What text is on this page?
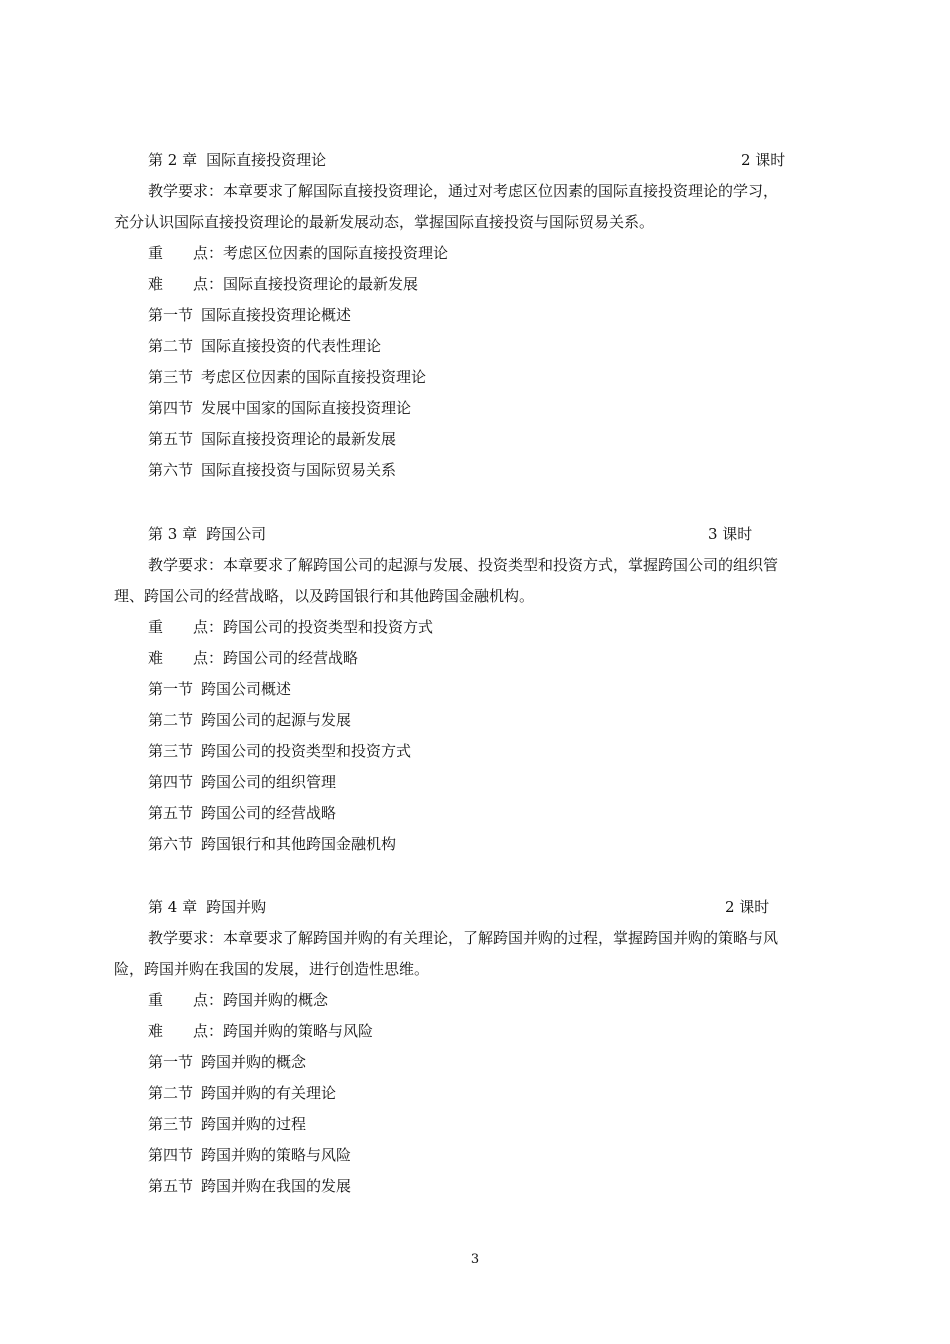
第 2 章 国际直接投资理论	2 课时
教学要求：本章要求了解国际直接投资理论，通过对考虑区位因素的国际直接投资理论的学习，
充分认识国际直接投资理论的最新发展动态，掌握国际直接投资与国际贸易关系。
重 点：考虑区位因素的国际直接投资理论
难 点：国际直接投资理论的最新发展
第一节 国际直接投资理论概述
第二节 国际直接投资的代表性理论
第三节 考虑区位因素的国际直接投资理论
第四节 发展中国家的国际直接投资理论
第五节 国际直接投资理论的最新发展
第六节 国际直接投资与国际贸易关系
第 3 章 跨国公司	3 课时
教学要求：本章要求了解跨国公司的起源与发展、投资类型和投资方式，掌握跨国公司的组织管
理、跨国公司的经营战略，以及跨国银行和其他跨国金融机构。
重 点：跨国公司的投资类型和投资方式
难 点：跨国公司的经营战略
第一节 跨国公司概述
第二节 跨国公司的起源与发展
第三节 跨国公司的投资类型和投资方式
第四节 跨国公司的组织管理
第五节 跨国公司的经营战略
第六节 跨国银行和其他跨国金融机构
第 4 章 跨国并购	2 课时
教学要求：本章要求了解跨国并购的有关理论，了解跨国并购的过程，掌握跨国并购的策略与风
险，跨国并购在我国的发展，进行创造性思维。
重 点：跨国并购的概念
难 点：跨国并购的策略与风险
第一节 跨国并购的概念
第二节 跨国并购的有关理论
第三节 跨国并购的过程
第四节 跨国并购的策略与风险
第五节 跨国并购在我国的发展
3
